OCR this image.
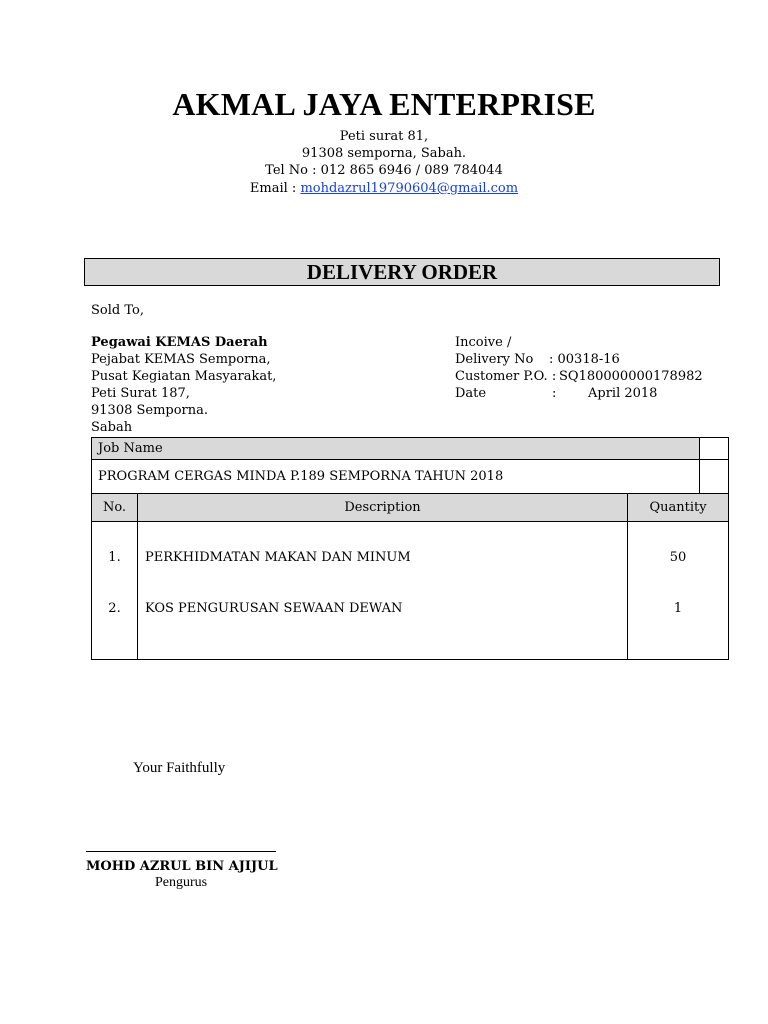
AKMAL JAYA ENTERPRISE
Peti surat 81,
91308 semporna, Sabah.
Tel No : 012 865 6946 / 089 784044
Email : mohdazrul19790604@gmail.com
DELIVERY ORDER
Sold To,
Pegawai KEMAS Daerah
Pejabat KEMAS Semporna,
Pusat Kegiatan Masyarakat,
Peti Surat 187,
91308 Semporna.
Sabah
Incoive /
Delivery No : 00318-16
Customer P.O. : SQ180000000178982
Date	: April 2018
Job Name	
PROGRAM CERGAS MINDA P.189 SEMPORNA TAHUN 2018	
No.	Description	Quantity
1.	PERKHIDMATAN MAKAN DAN MINUM	50
2.	KOS PENGURUSAN SEWAAN DEWAN	1

Your Faithfully
MOHD AZRUL BIN AJIJUL
Pengurus
